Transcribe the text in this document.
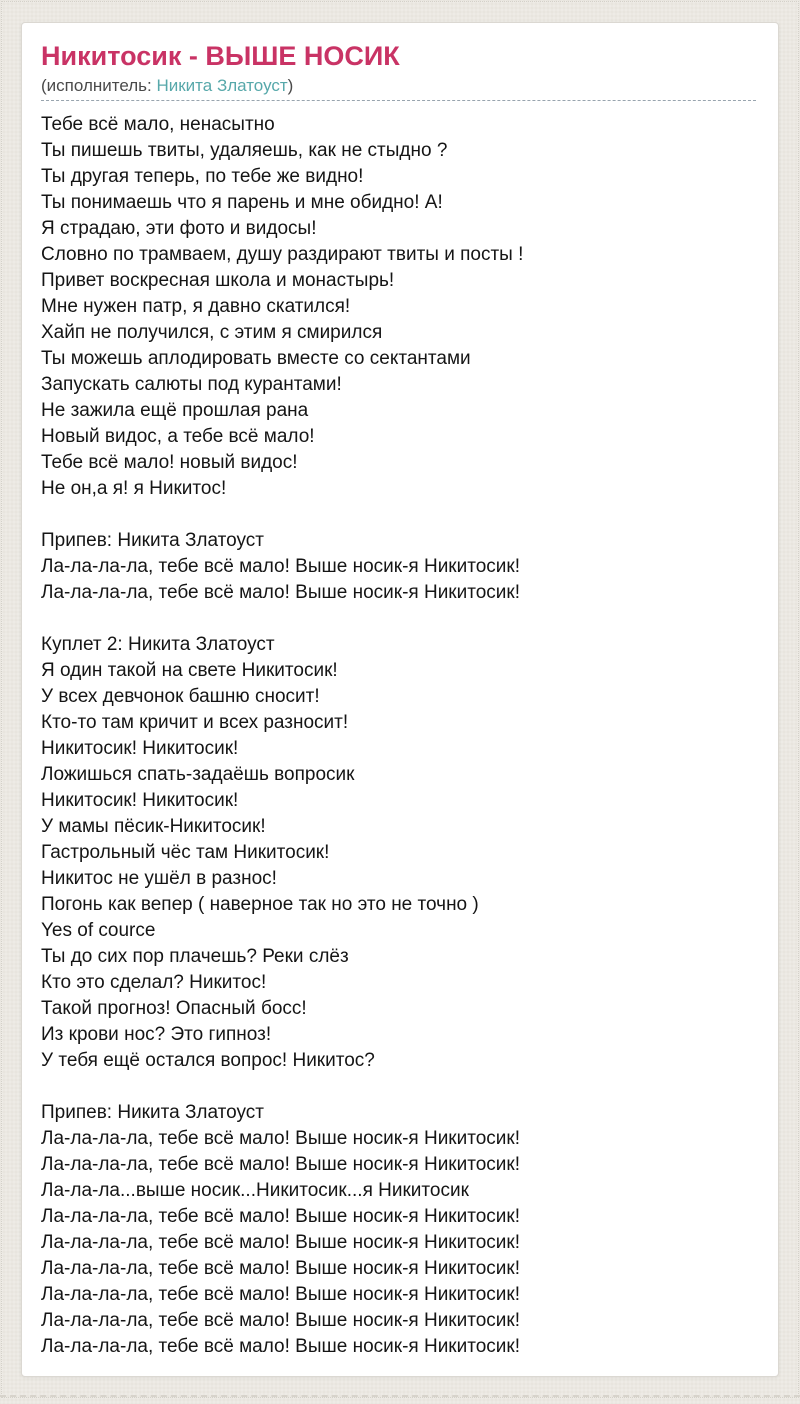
Никитосик - ВЫШЕ НОСИК
(исполнитель: Никита Златоуст)
Тебе всё мало, ненасытно
Ты пишешь твиты, удаляешь, как не стыдно ?
Ты другая теперь, по тебе же видно!
Ты понимаешь что я парень и мне обидно! А!
Я страдаю, эти фото и видосы!
Словно по трамваем, душу раздирают твиты и посты !
Привет воскресная школа и монастырь!
Мне нужен патр, я давно скатился!
Хайп не получился, с этим я смирился
Ты можешь аплодировать вместе со сектантами
Запускать салюты под курантами!
Не зажила ещё прошлая рана
Новый видос, а тебе всё мало!
Тебе всё мало! новый видос!
Не он,а я! я Никитос!
Припев: Никита Златоуст
Ла-ла-ла-ла, тебе всё мало! Выше носик-я Никитосик!
Ла-ла-ла-ла, тебе всё мало! Выше носик-я Никитосик!
Куплет 2: Никита Златоуст
Я один такой на свете Никитосик!
У всех девчонок башню сносит!
Кто-то там кричит и всех разносит!
Никитосик! Никитосик!
Ложишься спать-задаёшь вопросик
Никитосик! Никитосик!
У мамы пёсик-Никитосик!
Гастрольный чёс там Никитосик!
Никитос не ушёл в разнос!
Погонь как вепер ( наверное так но это не точно )
Yes of cource
Ты до сих пор плачешь? Реки слёз
Кто это сделал? Никитос!
Такой прогноз! Опасный босс!
Из крови нос? Это гипноз!
У тебя ещё остался вопрос! Никитос?
Припев: Никита Златоуст
Ла-ла-ла-ла, тебе всё мало! Выше носик-я Никитосик!
Ла-ла-ла-ла, тебе всё мало! Выше носик-я Никитосик!
Ла-ла-ла...выше носик...Никитосик...я Никитосик
Ла-ла-ла-ла, тебе всё мало! Выше носик-я Никитосик!
Ла-ла-ла-ла, тебе всё мало! Выше носик-я Никитосик!
Ла-ла-ла-ла, тебе всё мало! Выше носик-я Никитосик!
Ла-ла-ла-ла, тебе всё мало! Выше носик-я Никитосик!
Ла-ла-ла-ла, тебе всё мало! Выше носик-я Никитосик!
Ла-ла-ла-ла, тебе всё мало! Выше носик-я Никитосик!
